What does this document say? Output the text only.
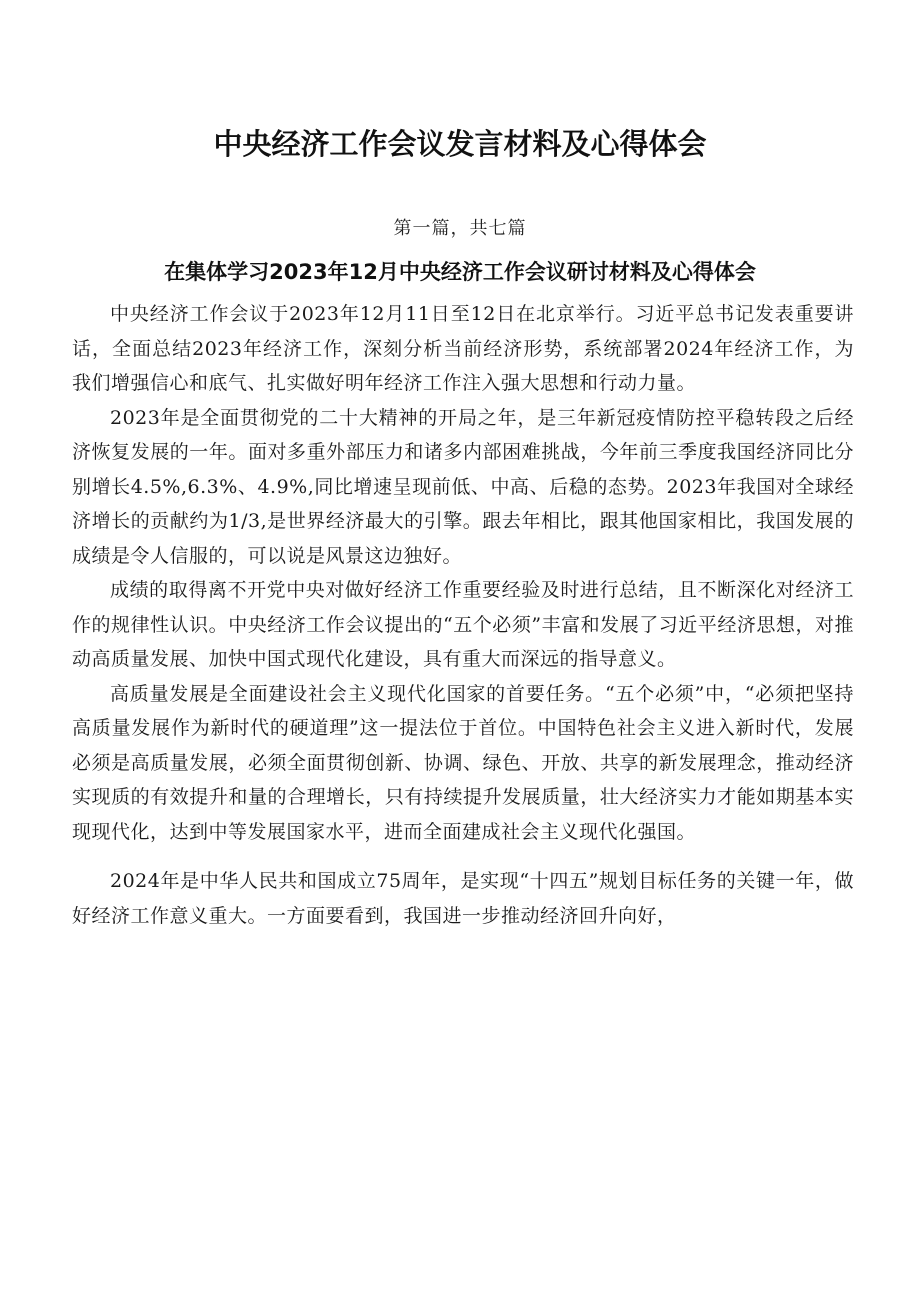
中央经济工作会议发言材料及心得体会
第一篇，共七篇
在集体学习2023年12月中央经济工作会议研讨材料及心得体会

中央经济工作会议于2023年12月11日至12日在北京举行。习近平总书记发表重要讲话，全面总结2023年经济工作，深刻分析当前经济形势，系统部署2024年经济工作，为我们增强信心和底气、扎实做好明年经济工作注入强大思想和行动力量。

2023年是全面贯彻党的二十大精神的开局之年，是三年新冠疫情防控平稳转段之后经济恢复发展的一年。面对多重外部压力和诸多内部困难挑战，今年前三季度我国经济同比分别增长4.5%,6.3%、4.9%,同比增速呈现前低、中高、后稳的态势。2023年我国对全球经济增长的贡献约为1/3,是世界经济最大的引擎。跟去年相比，跟其他国家相比，我国发展的成绩是令人信服的，可以说是风景这边独好。

成绩的取得离不开党中央对做好经济工作重要经验及时进行总结，且不断深化对经济工作的规律性认识。中央经济工作会议提出的“五个必须”丰富和发展了习近平经济思想，对推动高质量发展、加快中国式现代化建设，具有重大而深远的指导意义。

高质量发展是全面建设社会主义现代化国家的首要任务。“五个必须”中，“必须把坚持高质量发展作为新时代的硬道理”这一提法位于首位。中国特色社会主义进入新时代，发展必须是高质量发展，必须全面贯彻创新、协调、绿色、开放、共享的新发展理念，推动经济实现质的有效提升和量的合理增长，只有持续提升发展质量，壮大经济实力才能如期基本实现现代化，达到中等发展国家水平，进而全面建成社会主义现代化强国。

2024年是中华人民共和国成立75周年，是实现“十四五”规划目标任务的关键一年，做好经济工作意义重大。一方面要看到，我国进一步推动经济回升向好，
